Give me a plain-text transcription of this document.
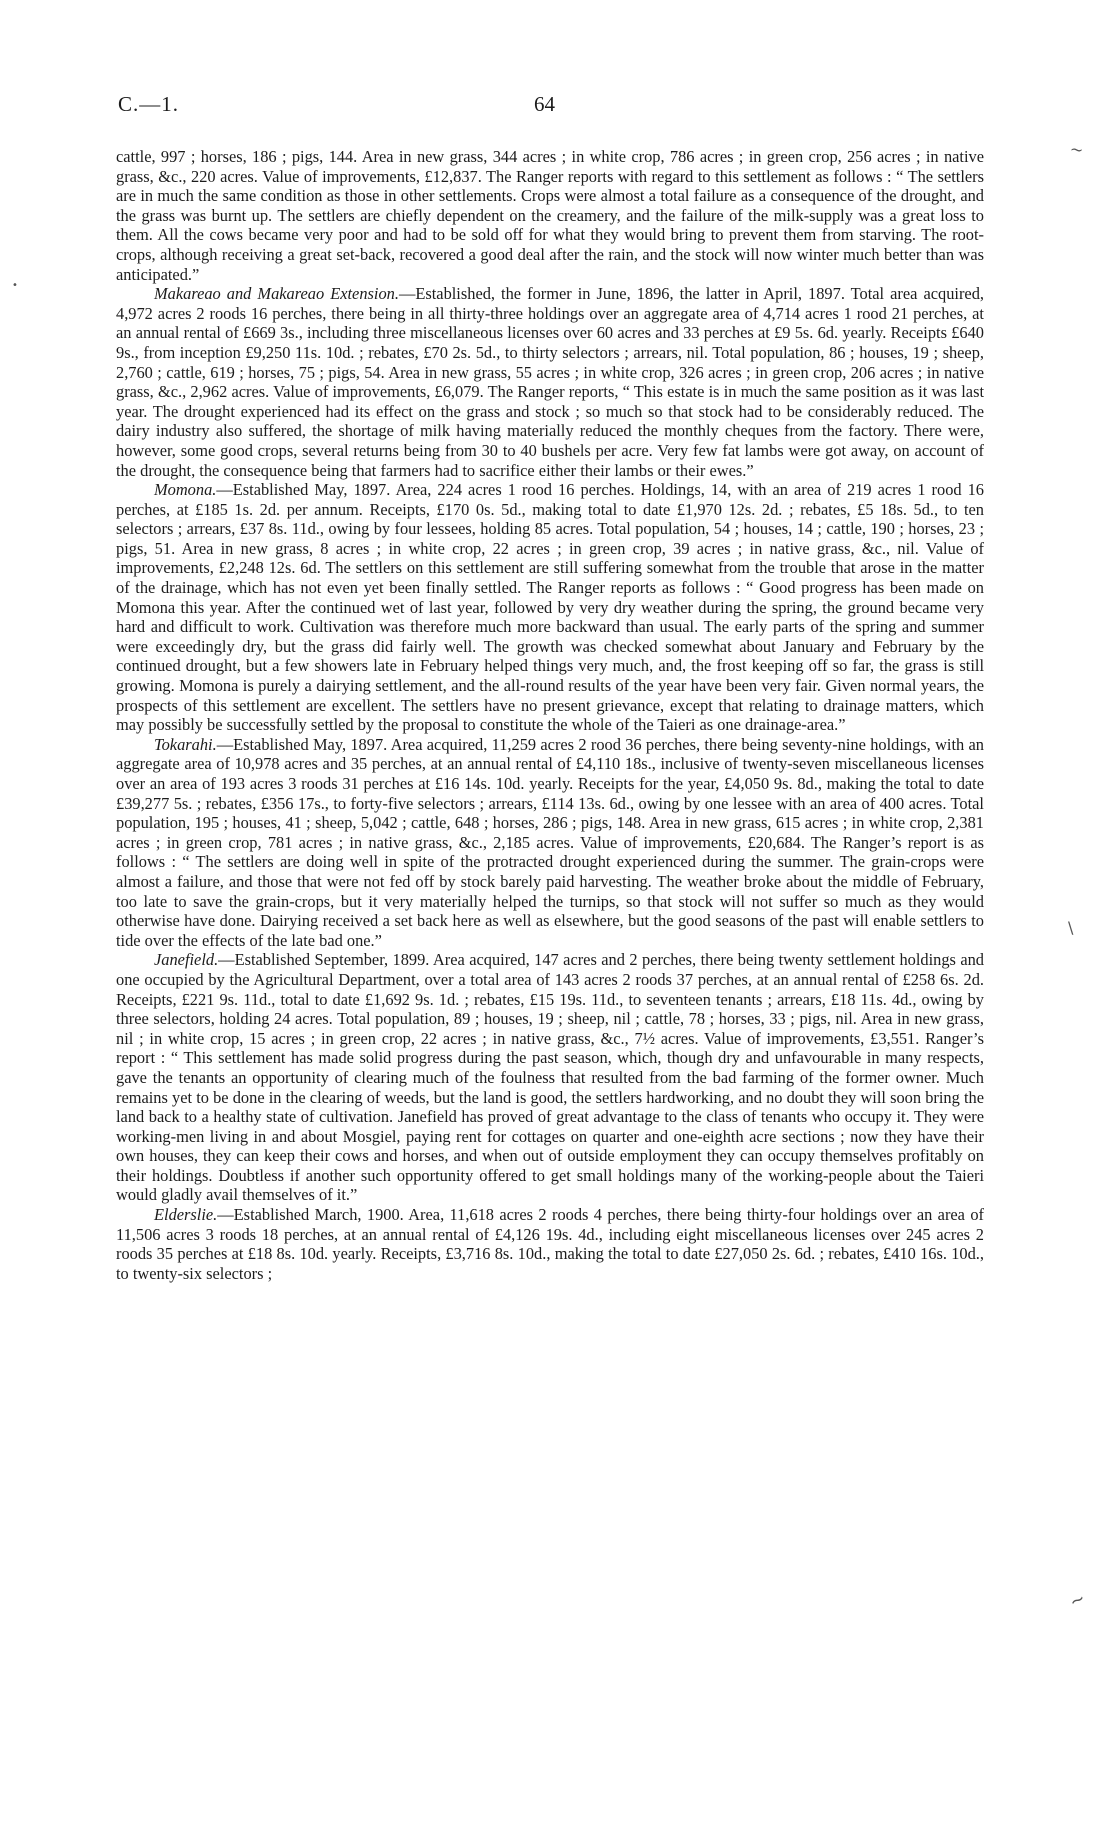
C.—1.	64

cattle, 997 ; horses, 186 ; pigs, 144. Area in new grass, 344 acres ; in white crop, 786 acres ; in green crop, 256 acres ; in native grass, &c., 220 acres. Value of improvements, £12,837. The Ranger reports with regard to this settlement as follows : “ The settlers are in much the same condition as those in other settlements. Crops were almost a total failure as a consequence of the drought, and the grass was burnt up. The settlers are chiefly dependent on the creamery, and the failure of the milk-supply was a great loss to them. All the cows became very poor and had to be sold off for what they would bring to prevent them from starving. The root-crops, although receiving a great set-back, recovered a good deal after the rain, and the stock will now winter much better than was anticipated.”

Makareao and Makareao Extension.—Established, the former in June, 1896, the latter in April, 1897. Total area acquired, 4,972 acres 2 roods 16 perches, there being in all thirty-three holdings over an aggregate area of 4,714 acres 1 rood 21 perches, at an annual rental of £669 3s., including three miscellaneous licenses over 60 acres and 33 perches at £9 5s. 6d. yearly. Receipts £640 9s., from inception £9,250 11s. 10d. ; rebates, £70 2s. 5d., to thirty selectors ; arrears, nil. Total population, 86 ; houses, 19 ; sheep, 2,760 ; cattle, 619 ; horses, 75 ; pigs, 54. Area in new grass, 55 acres ; in white crop, 326 acres ; in green crop, 206 acres ; in native grass, &c., 2,962 acres. Value of improvements, £6,079. The Ranger reports, “ This estate is in much the same position as it was last year. The drought experienced had its effect on the grass and stock ; so much so that stock had to be considerably reduced. The dairy industry also suffered, the shortage of milk having materially reduced the monthly cheques from the factory. There were, however, some good crops, several returns being from 30 to 40 bushels per acre. Very few fat lambs were got away, on account of the drought, the consequence being that farmers had to sacrifice either their lambs or their ewes.”

Momona.—Established May, 1897. Area, 224 acres 1 rood 16 perches. Holdings, 14, with an area of 219 acres 1 rood 16 perches, at £185 1s. 2d. per annum. Receipts, £170 0s. 5d., making total to date £1,970 12s. 2d. ; rebates, £5 18s. 5d., to ten selectors ; arrears, £37 8s. 11d., owing by four lessees, holding 85 acres. Total population, 54 ; houses, 14 ; cattle, 190 ; horses, 23 ; pigs, 51. Area in new grass, 8 acres ; in white crop, 22 acres ; in green crop, 39 acres ; in native grass, &c., nil. Value of improvements, £2,248 12s. 6d. The settlers on this settlement are still suffering somewhat from the trouble that arose in the matter of the drainage, which has not even yet been finally settled. The Ranger reports as follows : “ Good progress has been made on Momona this year. After the continued wet of last year, followed by very dry weather during the spring, the ground became very hard and difficult to work. Cultivation was therefore much more backward than usual. The early parts of the spring and summer were exceedingly dry, but the grass did fairly well. The growth was checked somewhat about January and February by the continued drought, but a few showers late in February helped things very much, and, the frost keeping off so far, the grass is still growing. Momona is purely a dairying settlement, and the all-round results of the year have been very fair. Given normal years, the prospects of this settlement are excellent. The settlers have no present grievance, except that relating to drainage matters, which may possibly be successfully settled by the proposal to constitute the whole of the Taieri as one drainage-area.”

Tokarahi.—Established May, 1897. Area acquired, 11,259 acres 2 rood 36 perches, there being seventy-nine holdings, with an aggregate area of 10,978 acres and 35 perches, at an annual rental of £4,110 18s., inclusive of twenty-seven miscellaneous licenses over an area of 193 acres 3 roods 31 perches at £16 14s. 10d. yearly. Receipts for the year, £4,050 9s. 8d., making the total to date £39,277 5s. ; rebates, £356 17s., to forty-five selectors ; arrears, £114 13s. 6d., owing by one lessee with an area of 400 acres. Total population, 195 ; houses, 41 ; sheep, 5,042 ; cattle, 648 ; horses, 286 ; pigs, 148. Area in new grass, 615 acres ; in white crop, 2,381 acres ; in green crop, 781 acres ; in native grass, &c., 2,185 acres. Value of improvements, £20,684. The Ranger’s report is as follows : “ The settlers are doing well in spite of the protracted drought experienced during the summer. The grain-crops were almost a failure, and those that were not fed off by stock barely paid harvesting. The weather broke about the middle of February, too late to save the grain-crops, but it very materially helped the turnips, so that stock will not suffer so much as they would otherwise have done. Dairying received a set back here as well as elsewhere, but the good seasons of the past will enable settlers to tide over the effects of the late bad one.”

Janefield.—Established September, 1899. Area acquired, 147 acres and 2 perches, there being twenty settlement holdings and one occupied by the Agricultural Department, over a total area of 143 acres 2 roods 37 perches, at an annual rental of £258 6s. 2d. Receipts, £221 9s. 11d., total to date £1,692 9s. 1d. ; rebates, £15 19s. 11d., to seventeen tenants ; arrears, £18 11s. 4d., owing by three selectors, holding 24 acres. Total population, 89 ; houses, 19 ; sheep, nil ; cattle, 78 ; horses, 33 ; pigs, nil. Area in new grass, nil ; in white crop, 15 acres ; in green crop, 22 acres ; in native grass, &c., 7½ acres. Value of improvements, £3,551. Ranger’s report : “ This settlement has made solid progress during the past season, which, though dry and unfavourable in many respects, gave the tenants an opportunity of clearing much of the foulness that resulted from the bad farming of the former owner. Much remains yet to be done in the clearing of weeds, but the land is good, the settlers hardworking, and no doubt they will soon bring the land back to a healthy state of cultivation. Janefield has proved of great advantage to the class of tenants who occupy it. They were working-men living in and about Mosgiel, paying rent for cottages on quarter and one-eighth acre sections ; now they have their own houses, they can keep their cows and horses, and when out of outside employment they can occupy themselves profitably on their holdings. Doubtless if another such opportunity offered to get small holdings many of the working-people about the Taieri would gladly avail themselves of it.”

Elderslie.—Established March, 1900. Area, 11,618 acres 2 roods 4 perches, there being thirty-four holdings over an area of 11,506 acres 3 roods 18 perches, at an annual rental of £4,126 19s. 4d., including eight miscellaneous licenses over 245 acres 2 roods 35 perches at £18 8s. 10d. yearly. Receipts, £3,716 8s. 10d., making the total to date £27,050 2s. 6d. ; rebates, £410 16s. 10d., to twenty-six selectors ;

~
•
\
~
